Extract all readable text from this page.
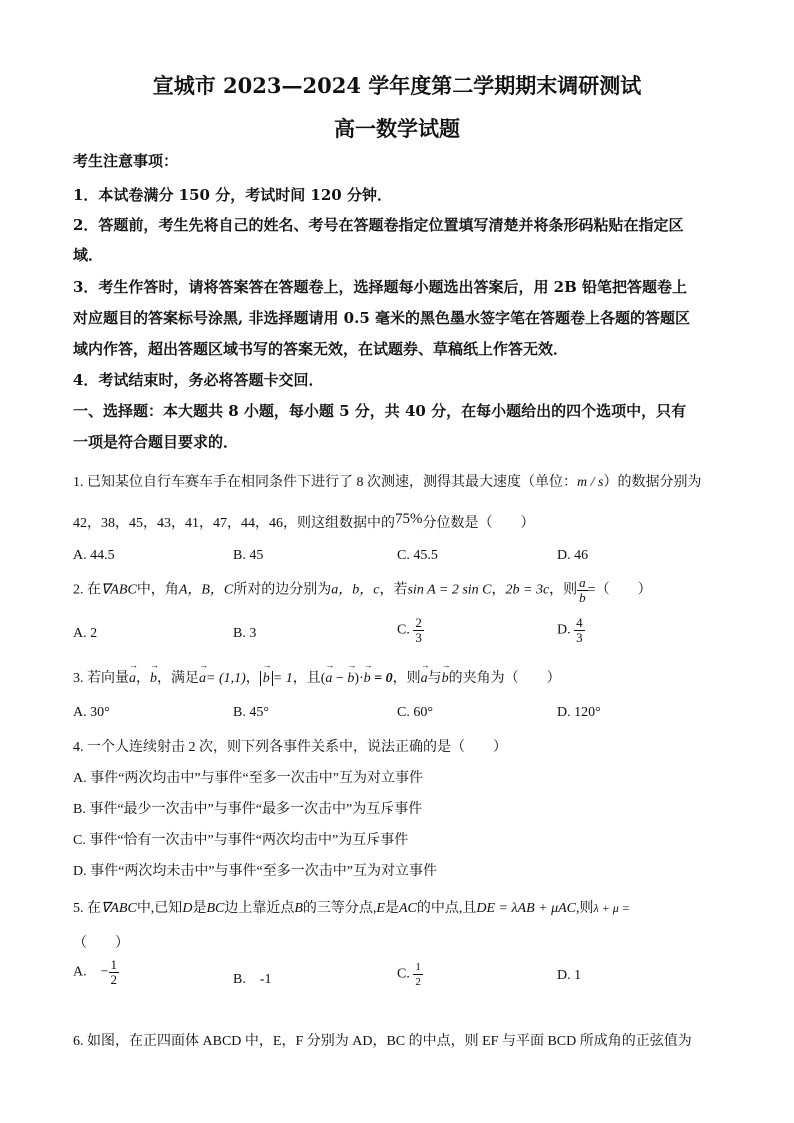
宣城市 2023—2024 学年度第二学期期末调研测试
高一数学试题
考生注意事项：
1．本试卷满分 150 分，考试时间 120 分钟．
2．答题前，考生先将自己的姓名、考号在答题卷指定位置填写清楚并将条形码粘贴在指定区
域．
3．考生作答时，请将答案答在答题卷上，选择题每小题选出答案后，用 2B 铅笔把答题卷上
对应题目的答案标号涂黑, 非选择题请用 0.5 毫米的黑色墨水签字笔在答题卷上各题的答题区
域内作答，超出答题区域书写的答案无效，在试题券、草稿纸上作答无效．
4．考试结束时，务必将答题卡交回．
一、选择题：本大题共 8 小题，每小题 5 分，共 40 分，在每小题给出的四个选项中，只有
一项是符合题目要求的．
1. 已知某位自行车赛车手在相同条件下进行了 8 次测速，测得其最大速度（单位：m / s）的数据分别为
42，38，45，43，41，47，44，46，则这组数据中的75%分位数是（　　）
A. 44.5	B. 45	C. 45.5	D. 46
2. 在∇ABC中，角A，B，C所对的边分别为a，b，c，若sin A = 2 sin C，2b = 3c，则 $\frac{a}{b}$ =（　　）
A. 2	B. 3	C. $\frac{2}{3}$	D. $\frac{4}{3}$
3. 若向量→ a，→ b，满足→ a= (1,1)，→ b = 1，且(→ a − → b)·→ b = 0，则→ a与→ b的夹角为（　　）
A. 30°	B. 45°	C. 60°	D. 120°
4. 一个人连续射击 2 次，则下列各事件关系中，说法正确的是（　　）
A. 事件“两次均击中”与事件“至多一次击中”互为对立事件
B. 事件“最少一次击中”与事件“最多一次击中”为互斥事件
C. 事件“恰有一次击中”与事件“两次均击中”为互斥事件
D. 事件“两次均未击中”与事件“至多一次击中”互为对立事件
5. 在∇ABC中,已知D是BC边上靠近点B的三等分点,E是AC的中点,且DE = λAB + μAC,则λ + μ =
（　　）
A.　− $\frac{1}{2}$	B.　-1	C. $\frac{1}{2}$	D. 1
6. 如图，在正四面体 ABCD 中，E，F 分别为 AD，BC 的中点，则 EF 与平面 BCD 所成角的正弦值为
